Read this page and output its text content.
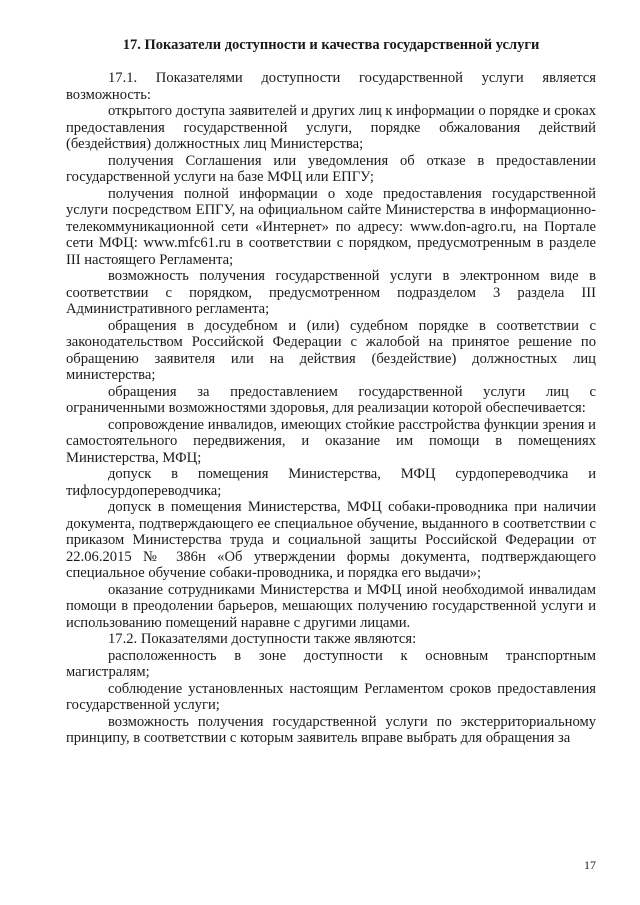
17. Показатели доступности и качества государственной услуги

17.1. Показателями доступности государственной услуги является возможность:

открытого доступа заявителей и других лиц к информации о порядке и сроках предоставления государственной услуги, порядке обжалования действий (бездействия) должностных лиц Министерства;

получения Соглашения или уведомления об отказе в предоставлении государственной услуги на базе МФЦ или ЕПГУ;

получения полной информации о ходе предоставления государственной услуги посредством ЕПГУ, на официальном сайте Министерства в информационно-телекоммуникационной сети «Интернет» по адресу: www.don-agro.ru, на Портале сети МФЦ: www.mfc61.ru в соответствии с порядком, предусмотренным в разделе III настоящего Регламента;

возможность получения государственной услуги в электронном виде в соответствии с порядком, предусмотренном подразделом 3 раздела III Административного регламента;

обращения в досудебном и (или) судебном порядке в соответствии с законодательством Российской Федерации с жалобой на принятое решение по обращению заявителя или на действия (бездействие) должностных лиц министерства;

обращения за предоставлением государственной услуги лиц с ограниченными возможностями здоровья, для реализации которой обеспечивается:

сопровождение инвалидов, имеющих стойкие расстройства функции зрения и самостоятельного передвижения, и оказание им помощи в помещениях Министерства, МФЦ;

допуск в помещения Министерства, МФЦ сурдопереводчика и тифлосурдопереводчика;

допуск в помещения Министерства, МФЦ собаки-проводника при наличии документа, подтверждающего ее специальное обучение, выданного в соответствии с приказом Министерства труда и социальной защиты Российской Федерации от 22.06.2015 № 386н «Об утверждении формы документа, подтверждающего специальное обучение собаки-проводника, и порядка его выдачи»;

оказание сотрудниками Министерства и МФЦ иной необходимой инвалидам помощи в преодолении барьеров, мешающих получению государственной услуги и использованию помещений наравне с другими лицами.

17.2. Показателями доступности также являются:

расположенность в зоне доступности к основным транспортным магистралям;

соблюдение установленных настоящим Регламентом сроков предоставления государственной услуги;

возможность получения государственной услуги по экстерриториальному принципу, в соответствии с которым заявитель вправе выбрать для обращения за

17
